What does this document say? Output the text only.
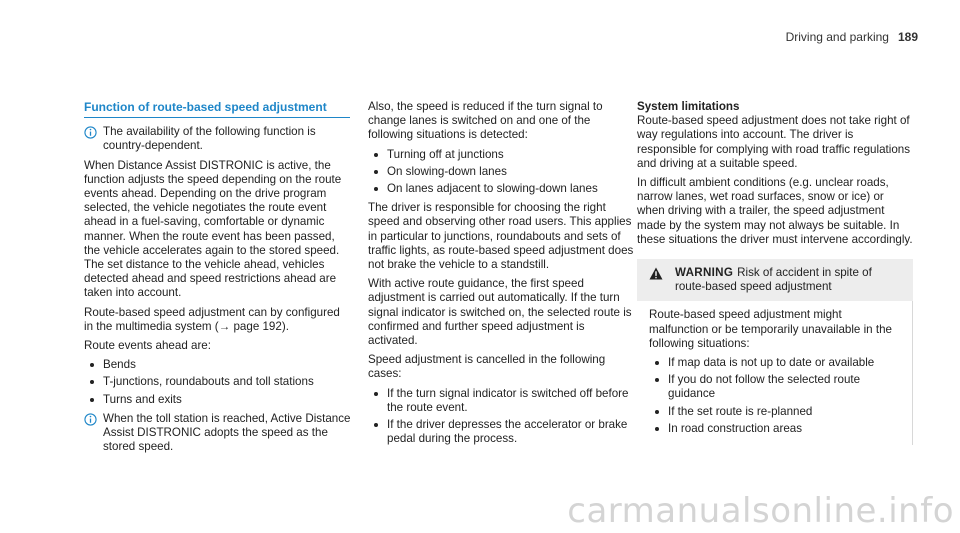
Driving and parking 189
Function of route-based speed adjustment
The availability of the following function is country-dependent.

When Distance Assist DISTRONIC is active, the function adjusts the speed depending on the route events ahead. Depending on the drive program selected, the vehicle negotiates the route event ahead in a fuel-saving, comfortable or dynamic manner. When the route event has been passed, the vehicle accelerates again to the stored speed. The set distance to the vehicle ahead, vehicles detected ahead and speed restrictions ahead are taken into account.

Route-based speed adjustment can by configured in the multimedia system (→ page 192).

Route events ahead are:

Bends
T-junctions, roundabouts and toll stations
Turns and exits
When the toll station is reached, Active Distance Assist DISTRONIC adopts the speed as the stored speed.

Also, the speed is reduced if the turn signal to change lanes is switched on and one of the following situations is detected:

Turning off at junctions
On slowing-down lanes
On lanes adjacent to slowing-down lanes

The driver is responsible for choosing the right speed and observing other road users. This applies in particular to junctions, roundabouts and sets of traffic lights, as route-based speed adjustment does not brake the vehicle to a standstill.

With active route guidance, the first speed adjustment is carried out automatically. If the turn signal indicator is switched on, the selected route is confirmed and further speed adjustment is activated.

Speed adjustment is cancelled in the following cases:

If the turn signal indicator is switched off before the route event.
If the driver depresses the accelerator or brake pedal during the process.

System limitations

Route-based speed adjustment does not take right of way regulations into account. The driver is responsible for complying with road traffic regulations and driving at a suitable speed.

In difficult ambient conditions (e.g. unclear roads, narrow lanes, wet road surfaces, snow or ice) or when driving with a trailer, the speed adjustment made by the system may not always be suitable. In these situations the driver must intervene accordingly.

WARNING Risk of accident in spite of route-based speed adjustment

Route-based speed adjustment might malfunction or be temporarily unavailable in the following situations:

If map data is not up to date or available
If you do not follow the selected route guidance
If the set route is re-planned
In road construction areas
carmanualsonline.info
